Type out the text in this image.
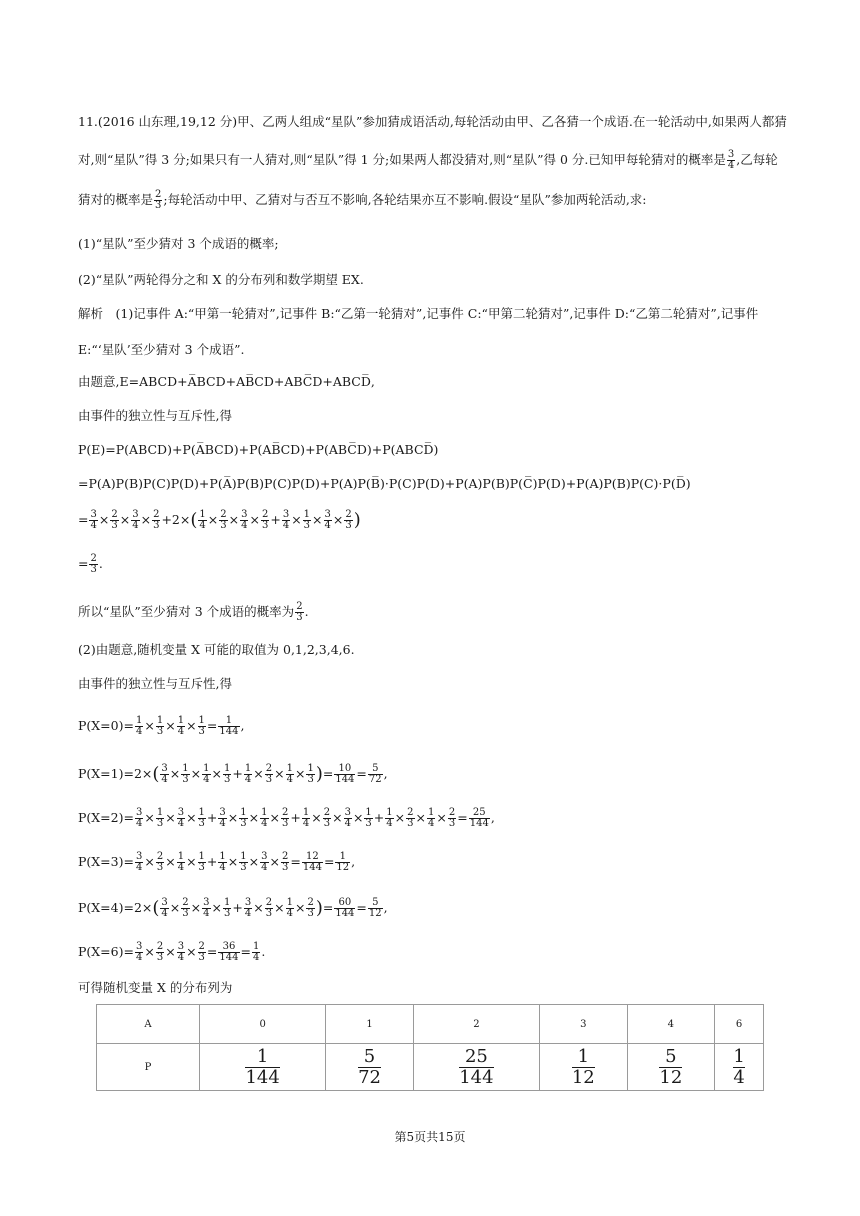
11.(2016 山东理,19,12 分)甲、乙两人组成“星队”参加猜成语活动,每轮活动由甲、乙各猜一个成语.在一轮活动中,如果两人都猜
对,则“星队”得 3 分;如果只有一人猜对,则“星队”得 1 分;如果两人都没猜对,则“星队”得 0 分.已知甲每轮猜对的概率是 $\frac{3}{4}$ ,乙每轮
猜对的概率是 $\frac{2}{3}$ ;每轮活动中甲、乙猜对与否互不影响,各轮结果亦互不影响.假设“星队”参加两轮活动,求:
(1)“星队”至少猜对 3 个成语的概率;
(2)“星队”两轮得分之和 X 的分布列和数学期望 EX.
解析　(1)记事件 A:“甲第一轮猜对”,记事件 B:“乙第一轮猜对”,记事件 C:“甲第二轮猜对”,记事件 D:“乙第二轮猜对”,记事件
E:“‘星队’至少猜对 3 个成语”.
由题意,E=ABCD+A̅BCD+AB̅CD+ABC̅D+ABCD̅,
由事件的独立性与互斥性,得
P(E)=P(ABCD)+P(A̅BCD)+P(AB̅CD)+P(ABC̅D)+P(ABCD̅)
=P(A)P(B)P(C)P(D)+P(A̅)P(B)P(C)P(D)+P(A)P(B̅)·P(C)P(D)+P(A)P(B)P(C̅)P(D)+P(A)P(B)P(C)·P(D̅)
= $\frac{3}{4} \times \frac{2}{3} \times \frac{3}{4} \times \frac{2}{3} +2\times( \frac{1}{4} \times \frac{2}{3} \times \frac{3}{4} \times \frac{2}{3} + \frac{3}{4} \times \frac{1}{3} \times \frac{3}{4} \times \frac{2}{3}$ )
= $\frac{2}{3}$ .
所以“星队”至少猜对 3 个成语的概率为 $\frac{2}{3}$ .
(2)由题意,随机变量 X 可能的取值为 0,1,2,3,4,6.
由事件的独立性与互斥性,得
$P(X=0)= \frac{1}{4} \times \frac{1}{3} \times \frac{1}{4} \times \frac{1}{3} = \frac{1}{144}$ ,
$P(X=1)=2\times( \frac{3}{4} \times \frac{1}{3} \times \frac{1}{4} \times \frac{1}{3} + \frac{1}{4} \times \frac{2}{3} \times \frac{1}{4} \times \frac{1}{3}$ )= $\frac{10}{144} = \frac{5}{72}$ ,
$P(X=2)= \frac{3}{4} \times \frac{1}{3} \times \frac{3}{4} \times \frac{1}{3} + \frac{3}{4} \times \frac{1}{3} \times \frac{1}{4} \times \frac{2}{3} + \frac{1}{4} \times \frac{2}{3} \times \frac{3}{4} \times \frac{1}{3} + \frac{1}{4} \times \frac{2}{3} \times \frac{1}{4} \times \frac{2}{3} = \frac{25}{144}$ ,
$P(X=3)= \frac{3}{4} \times \frac{2}{3} \times \frac{1}{4} \times \frac{1}{3} + \frac{1}{4} \times \frac{1}{3} \times \frac{3}{4} \times \frac{2}{3} = \frac{12}{144} = \frac{1}{12}$ ,
$P(X=4)=2\times( \frac{3}{4} \times \frac{2}{3} \times \frac{3}{4} \times \frac{1}{3} + \frac{3}{4} \times \frac{2}{3} \times \frac{1}{4} \times \frac{2}{3}$ )= $\frac{60}{144} = \frac{5}{12}$ ,
$P(X=6)= \frac{3}{4} \times \frac{2}{3} \times \frac{3}{4} \times \frac{2}{3} = \frac{36}{144} = \frac{1}{4}$ .
可得随机变量 X 的分布列为
A	0	1	2	3	4	6
P	$\frac{1}{144}$	$\frac{5}{72}$	$\frac{25}{144}$	$\frac{1}{12}$	$\frac{5}{12}$	$\frac{1}{4}$
第5页共15页
